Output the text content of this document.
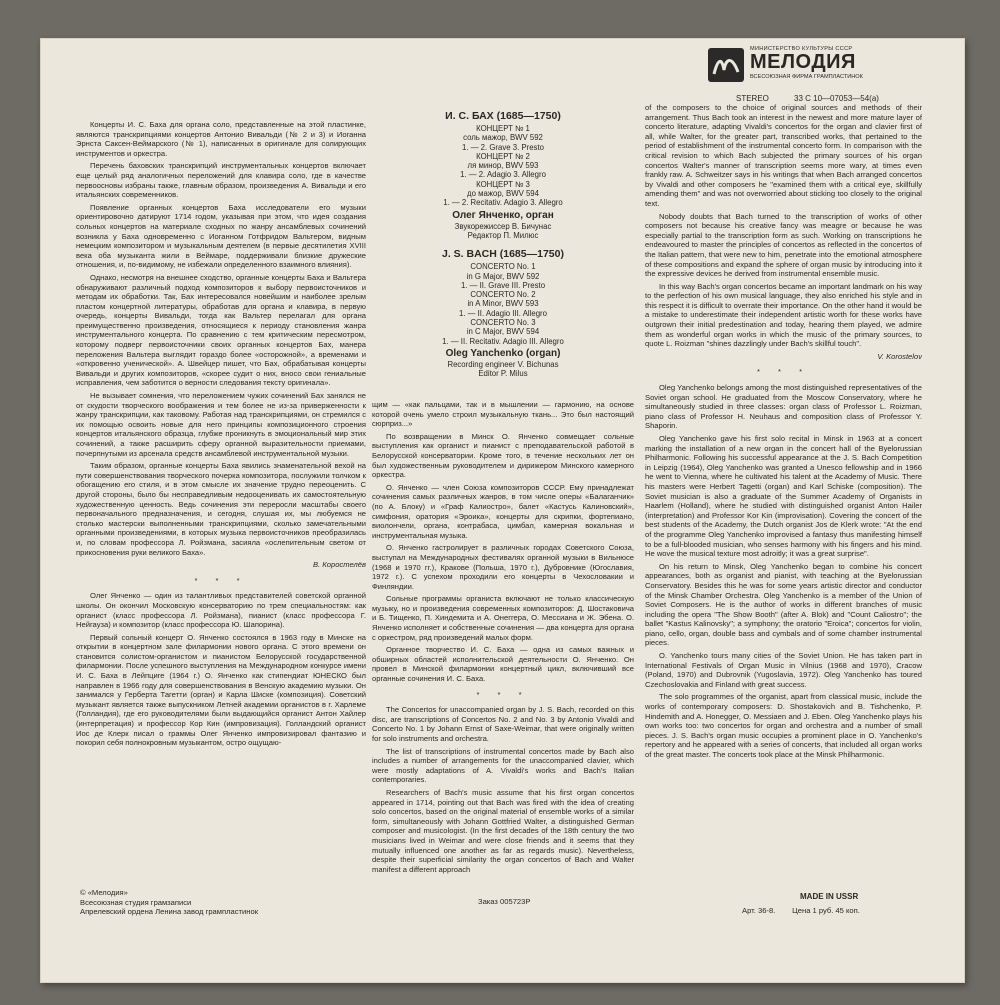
МИНИСТЕРСТВО КУЛЬТУРЫ СССР
МЕЛОДИЯ
ВСЕСОЮЗНАЯ ФИРМА ГРАМПЛАСТИНОК
STEREO	33 С 10—07053—54(а)
И. С. БАХ (1685—1750)

КОНЦЕРТ № 1

соль мажор, BWV 592

1. — 2. Grave 3. Presto

КОНЦЕРТ № 2

ля минор, BWV 593

1. — 2. Adagio 3. Allegro

КОНЦЕРТ № 3

до мажор, BWV 594

1. — 2. Recitativ. Adagio 3. Allegro

Олег Янченко, орган

Звукорежиссер В. Бичунас

Редактор П. Милюс

J. S. BACH (1685—1750)

CONCERTO No. 1

in G Major, BWV 592

1. — II. Grave III. Presto

CONCERTO No. 2

in A Minor, BWV 593

1. — II. Adagio III. Allegro

CONCERTO No. 3

in C Major, BWV 594

1. — II. Recitativ. Adagio III. Allegro

Oleg Yanchenko (organ)

Recording engineer V. Bichunas

Editor P. Milus

Концерты И. С. Баха для органа соло, представленные на этой пластинке, являются транскрипциями концертов Антонио Вивальди (№ 2 и 3) и Иоганна Эрнста Саксен-Веймарского (№ 1), написанных в оригинале для солирующих инструментов и оркестра.

Перечень баховских транскрипций инструментальных концертов включает еще целый ряд аналогичных переложений для клавира соло, где в качестве первоосновы избраны также, главным образом, произведения А. Вивальди и его итальянских современников.

Появление органных концертов Баха исследователи его музыки ориентировочно датируют 1714 годом, указывая при этом, что идея создания сольных концертов на материале сходных по жанру ансамблевых сочинений возникла у Баха одновременно с Иоганном Готфридом Вальтером, видным немецким композитором и музыкальным деятелем (в первые десятилетия XVIII века оба музыканта жили в Веймаре, поддерживали близкие дружеские отношения, и, по-видимому, не избежали определенного взаимного влияния).

Однако, несмотря на внешнее сходство, органные концерты Баха и Вальтера обнаруживают различный подход композиторов к выбору первоисточников и методам их обработки. Так, Бах интересовался новейшим и наиболее зрелым пластом концертной литературы, обработав для органа и клавира, в первую очередь, концерты Вивальди, тогда как Вальтер перелагал для органа преимущественно произведения, относящиеся к периоду становления жанра инструментального концерта. По сравнению с тем критическим пересмотром, которому подверг первоисточники своих органных концертов Бах, манера переложения Вальтера выглядит гораздо более «осторожной», а временами и «откровенно ученической». А. Швейцер пишет, что Бах, обрабатывая концерты Вивальди и других композиторов, «скорее судит о них, вносо свои гениальные исправления, чем заботится о верности следования тексту оригинала».

Не вызывает сомнения, что переложением чужих сочинений Бах занялся не от скудости творческого воображения и тем более не из-за приверженности к жанру транскрипции, как таковому. Работая над транскрипциями, он стремился с их помощью освоить новые для него принципы композиционного строения концертов итальянского образца, глубже проникнуть в эмоциональный мир этих сочинений, а также расширить сферу органной выразительности приемами, почерпнутыми из арсенала средств ансамблевой инструментальной музыки.

Таким образом, органные концерты Баха явились знаменательной вехой на пути совершенствования творческого почерка композитора, послужили толчком к обогащению его стиля, и в этом смысле их значение трудно переоценить. С другой стороны, было бы несправедливым недооценивать их самостоятельную художественную ценность. Ведь сочинения эти переросли масштабы своего первоначального предназначения, и сегодня, слушая их, мы любуемся не столько мастерски выполненными транскрипциями, сколько замечательными органными произведениями, в которых музыка первоисточников преобразилась и, по словам профессора Л. Ройзмана, засияла «ослепительным светом от прикосновения руки великого Баха».

В. Коростелёв

* * *

Олег Янченко — один из талантливых представителей советской органной школы. Он окончил Московскую консерваторию по трем специальностям: как органист (класс профессора Л. Ройзмана), пианист (класс профессора Г. Нейгауза) и композитор (класс профессора Ю. Шапорина).

Первый сольный концерт О. Янченко состоялся в 1963 году в Минске на открытии в концертном зале филармонии нового органа. С этого времени он становится солистом-органистом и пианистом Белорусской государственной филармонии. После успешного выступления на Международном конкурсе имени И. С. Баха в Лейпциге (1964 г.) О. Янченко как стипендиат ЮНЕСКО был направлен в 1966 году для совершенствования в Венскую академию музыки. Он занимался у Герберта Тагетти (орган) и Карла Шиске (композиция). Советский музыкант является также выпускником Летней академии органистов в г. Харлеме (Голландия), где его руководителями были выдающийся органист Антон Хайлер (интерпретация) и профессор Кор Кин (импровизация). Голландский органист Иос де Клерк писал о граммы Олег Янченко импровизировал фантазию и покорил себя полнокровным музыкантом, остро ощущаю-

щим — «как пальцами, так и в мышлении — гармонию, на основе которой очень умело строил музыкальную ткань... Это был настоящий сюрприз...»

По возвращении в Минск О. Янченко совмещает сольные выступления как органист и пианист с преподавательской работой в Белорусской консерватории. Кроме того, в течение нескольких лет он был художественным руководителем и дирижером Минского камерного оркестра.

О. Янченко — член Союза композиторов СССР. Ему принадлежат сочинения самых различных жанров, в том числе оперы «Балаганчик» (по А. Блоку) и «Граф Калиостро», балет «Кастусь Калиновский», симфония, оратория «Эроика», концерты для скрипки, фортепиано, виолончели, органа, контрабаса, цимбал, камерная вокальная и инструментальная музыка.

О. Янченко гастролирует в различных городах Советского Союза, выступал на Международных фестивалях органной музыки в Вильнюсе (1968 и 1970 гг.), Кракове (Польша, 1970 г.), Дубровнике (Югославия, 1972 г.). С успехом проходили его концерты в Чехословакии и Финляндии.

Сольные программы органиста включают не только классическую музыку, но и произведения современных композиторов: Д. Шостаковича и Б. Тищенко, П. Хиндемита и А. Онеггера, О. Мессиана и Ж. Эбена. О. Янченко исполняет и собственные сочинения — два концерта для органа с оркестром, ряд произведений малых форм.

Органное творчество И. С. Баха — одна из самых важных и обширных областей исполнительской деятельности О. Янченко. Он провел в Минской филармонии концертный цикл, включивший все органные сочинения И. С. Баха.

* * *

The Concertos for unaccompanied organ by J. S. Bach, recorded on this disc, are transcriptions of Concertos No. 2 and No. 3 by Antonio Vivaldi and Concerto No. 1 by Johann Ernst of Saxe-Weimar, that were originally written for solo instruments and orchestra.

The list of transcriptions of instrumental concertos made by Bach also includes a number of arrangements for the unaccompanied clavier, which were mostly adaptations of A. Vivaldi's works and Bach's Italian contemporaries.

Researchers of Bach's music assume that his first organ concertos appeared in 1714, pointing out that Bach was fired with the idea of creating solo concertos, based on the original material of ensemble works of a similar form, simultaneously with Johann Gottfried Walter, a distinguished German composer and musicologist. (In the first decades of the 18th century the two musicians lived in Weimar and were close friends and it seems that they mutually influenced one another as far as regards music). Nevertheless, despite their superficial similarity the organ concertos of Bach and Walter manifest a different approach

of the composers to the choice of original sources and methods of their arrangement. Thus Bach took an interest in the newest and more mature layer of concerto literature, adapting Vivaldi's concertos for the organ and clavier first of all, while Walter, for the greater part, transcribed works, that pertained to the period of establishment of the instrumental concerto form. In comparison with the critical revision to which Bach subjected the primary sources of his organ concertos Walter's manner of transcription seems more wary, at times even frankly raw. A. Schweitzer says in his writings that when Bach arranged concertos by Vivaldi and other composers he "examined them with a critical eye, skillfully amending them" and was not overworried about sticking too closely to the original text.

Nobody doubts that Bach turned to the transcription of works of other composers not because his creative fancy was meagre or because he was especially partial to the transcription form as such. Working on transcriptions he endeavoured to master the principles of concertos as reflected in the concertos of the Italian pattern, that were new to him, penetrate into the emotional atmosphere of these compositions and expand the sphere of organ music by introducing into it the expressive devices he derived from instrumental ensemble music.

In this way Bach's organ concertos became an important landmark on his way to the perfection of his own musical language, they also enriched his style and in this respect it is difficult to overrate their importance. On the other hand it would be a mistake to underestimate their independent artistic worth for these works have outgrown their initial predestination and today, hearing them played, we admire them as wonderful organ works in which the music of the primary sources, to quote L. Roizman "shines dazzlingly under Bach's skillful touch".

V. Korostelov

* * *

Oleg Yanchenko belongs among the most distinguished representatives of the Soviet organ school. He graduated from the Moscow Conservatory, where he simultaneously studied in three classes: organ class of Professor L. Roizman, piano class of Professor H. Neuhaus and composition class of Professor Y. Shaporin.

Oleg Yanchenko gave his first solo recital in Minsk in 1963 at a concert marking the installation of a new organ in the concert hall of the Byelorussian Philharmonic. Following his successful appearance at the J. S. Bach Competition in Leipzig (1964), Oleg Yanchenko was granted a Unesco fellowship and in 1966 he went to Vienna, where he cultivated his talent at the Academy of Music. There his masters were Herbert Tagetti (organ) and Karl Schiske (composition). The Soviet musician is also a graduate of the Summer Academy of Organists in Haarlem (Holland), where he studied with distinguished organist Anton Hailer (interpretation) and Professor Kor Kin (improvisation). Covering the concert of the best students of the Academy, the Dutch organist Jos de Klerk wrote: "At the end of the programme Oleg Yanchenko improvised a fantasy thus manifesting himself to be a full-blooded musician, who senses harmony with his fingers and his mind. He wove the musical texture most adroitly; it was a great surprise".

On his return to Minsk, Oleg Yanchenko began to combine his concert appearances, both as organist and pianist, with teaching at the Byelorussian Conservatory. Besides this he was for some years artistic director and conductor of the Minsk Chamber Orchestra. Oleg Yanchenko is a member of the Union of Soviet Composers. He is the author of works in different branches of music including the opera "The Show Booth" (after A. Blok) and "Count Caliostro"; the ballet "Kastus Kalinovsky"; a symphony; the oratorio "Eroica"; concertos for violin, piano, cello, organ, double bass and cymbals and of some chamber instrumental pieces.

O. Yanchenko tours many cities of the Soviet Union. He has taken part in International Festivals of Organ Music in Vilnius (1968 and 1970), Cracow (Poland, 1970) and Dubrovnik (Yugoslavia, 1972). Oleg Yanchenko has toured Czechoslovakia and Finland with great success.

The solo programmes of the organist, apart from classical music, include the works of contemporary composers: D. Shostakovich and B. Tishchenko, P. Hindemith and A. Honegger, O. Messiaen and J. Eben. Oleg Yanchenko plays his own works too: two concertos for organ and orchestra and a number of small pieces. J. S. Bach's organ music occupies a prominent place in O. Yanchenko's repertory and he appeared with a series of concerts, that included all organ works of the great master. The concerts took place at the Minsk Philharmonic.

© «Мелодия»
Всесоюзная студия грамзаписи
Апрелевский ордена Ленина завод грампластинок
Заказ 005723Р
MADE IN USSR
Арт. 36-8.        Цена 1 руб. 45 коп.
